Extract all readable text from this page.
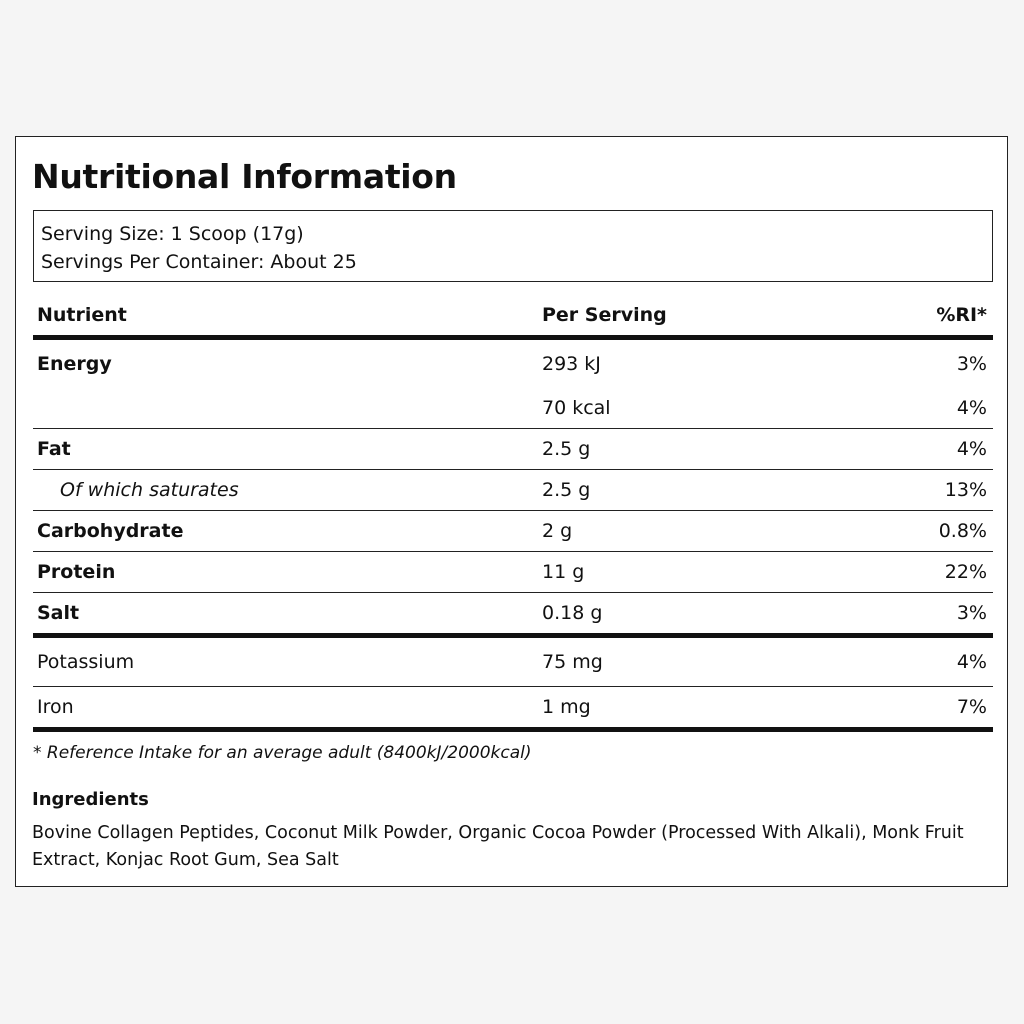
Nutritional Information
Serving Size: 1 Scoop (17g)
Servings Per Container: About 25
Nutrient	Per Serving	%RI*
Energy	293 kJ	3%
	70 kcal	4%
Fat	2.5 g	4%
Of which saturates	2.5 g	13%
Carbohydrate	2 g	0.8%
Protein	11 g	22%
Salt	0.18 g	3%
Potassium	75 mg	4%
Iron	1 mg	7%
* Reference Intake for an average adult (8400kJ/2000kcal)
Ingredients
Bovine Collagen Peptides, Coconut Milk Powder, Organic Cocoa Powder (Processed With Alkali), Monk Fruit Extract, Konjac Root Gum, Sea Salt
